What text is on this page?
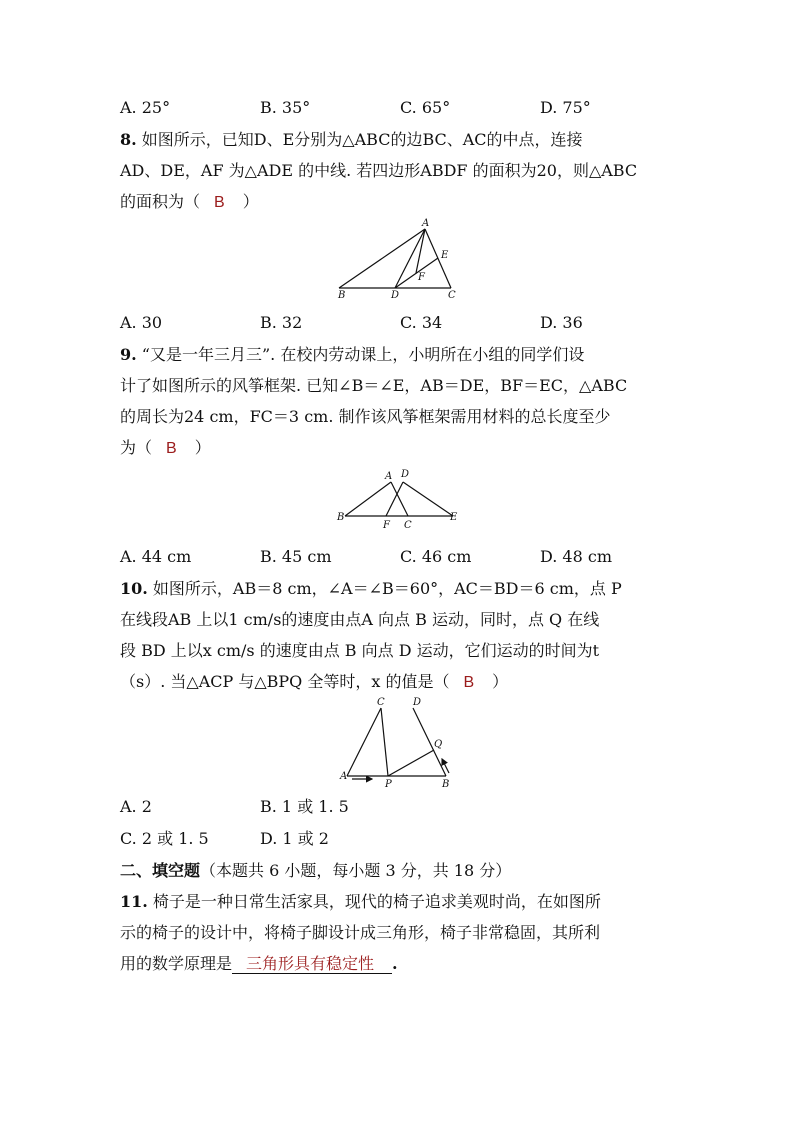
A. 25°	B. 35°	C. 65°	D. 75°
8. 如图所示，已知D、E分别为△ABC的边BC、AC的中点，连接
AD、DE，AF 为△ADE 的中线. 若四边形ABDF 的面积为20，则△ABC
的面积为（ B ）
A
B	C
D
E
F
A. 30	B. 32	C. 34	D. 36
9. “又是一年三月三”. 在校内劳动课上，小明所在小组的同学们设
计了如图所示的风筝框架. 已知∠B＝∠E，AB＝DE，BF＝EC，△ABC
的周长为24 cm，FC＝3 cm. 制作该风筝框架需用材料的总长度至少
为（ B ）
A D
B
F C
E
A. 44 cm	B. 45 cm	C. 46 cm	D. 48 cm
10. 如图所示，AB＝8 cm，∠A＝∠B＝60°，AC＝BD＝6 cm，点 P
在线段AB 上以1 cm/s的速度由点A 向点 B 运动，同时，点 Q 在线
段 BD 上以x cm/s 的速度由点 B 向点 D 运动，它们运动的时间为t
（s）. 当△ACP 与△BPQ 全等时，x 的值是（ B ）
C	D
A
P	B
Q
A. 2	B. 1 或 1. 5
C. 2 或 1. 5	D. 1 或 2
二、填空题（本题共 6 小题，每小题 3 分，共 18 分）
11. 椅子是一种日常生活家具，现代的椅子追求美观时尚，在如图所
示的椅子的设计中，将椅子脚设计成三角形，椅子非常稳固，其所利
用的数学原理是 三角形具有稳定性 .
